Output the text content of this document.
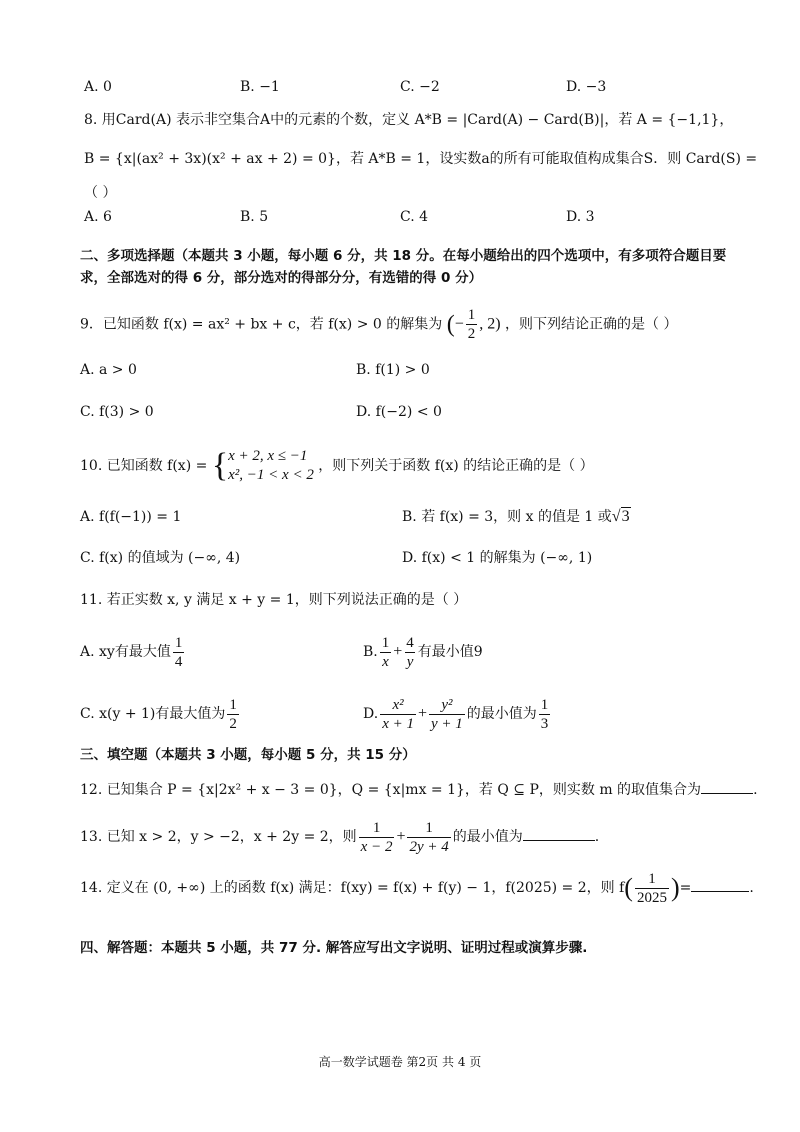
A. 0	B. −1	C. −2	D. −3
8. 用Card(A) 表示非空集合A中的元素的个数，定义 A*B = |Card(A) − Card(B)|，若 A = {−1,1}，
B = {x|(ax² + 3x)(x² + ax + 2) = 0}，若 A*B = 1，设实数a的所有可能取值构成集合S．则 Card(S) =
（ ）
A. 6	B. 5	C. 4	D. 3
二、多项选择题（本题共 3 小题，每小题 6 分，共 18 分。在每小题给出的四个选项中，有多项符合题目要
求，全部选对的得 6 分，部分选对的得部分分，有选错的得 0 分）
9．已知函数 f(x) = ax² + bx + c，若 f(x) > 0 的解集为 (− $\frac{1}{2}$ , 2) ，则下列结论正确的是（ ）
A. a > 0	B. f(1) > 0
C. f(3) > 0	D. f(−2) < 0
10. 已知函数 f(x) = { x + 2, x ≤ −1
x², −1 < x < 2
，则下列关于函数 f(x) 的结论正确的是（ ）
A. f(f(−1)) = 1	B. 若 f(x) = 3，则 x 的值是 1 或√3
C. f(x) 的值域为 (−∞, 4)	D. f(x) < 1 的解集为 (−∞, 1)
11. 若正实数 x, y 满足 x + y = 1，则下列说法正确的是（ ）
A. xy有最大值 $\frac{1}{4}$	B. $\frac{1}{x} + \frac{4}{y}$ 有最小值9
C. x(y + 1)有最大值为 $\frac{1}{2}$	D. $\frac{\text{x²}}{x + 1} + \frac{\text{y²}}{y + 1}$ 的最小值为 $\frac{1}{3}$
三、填空题（本题共 3 小题，每小题 5 分，共 15 分）
12. 已知集合 P = {x|2x² + x − 3 = 0}，Q = {x|mx = 1}，若 Q ⊆ P，则实数 m 的取值集合为	.
13. 已知 x > 2，y > −2，x + 2y = 2，则 $\frac{1}{x - 2} + \frac{1}{2y + 4}$ 的最小值为	.
14. 定义在 (0, +∞) 上的函数 f(x) 满足：f(xy) = f(x) + f(y) − 1，f(2025) = 2，则 $f( \frac{1}{2025}$ )=	.
四、解答题：本题共 5 小题，共 77 分. 解答应写出文字说明、证明过程或演算步骤.
高一数学试题卷 第2页 共 4 页
